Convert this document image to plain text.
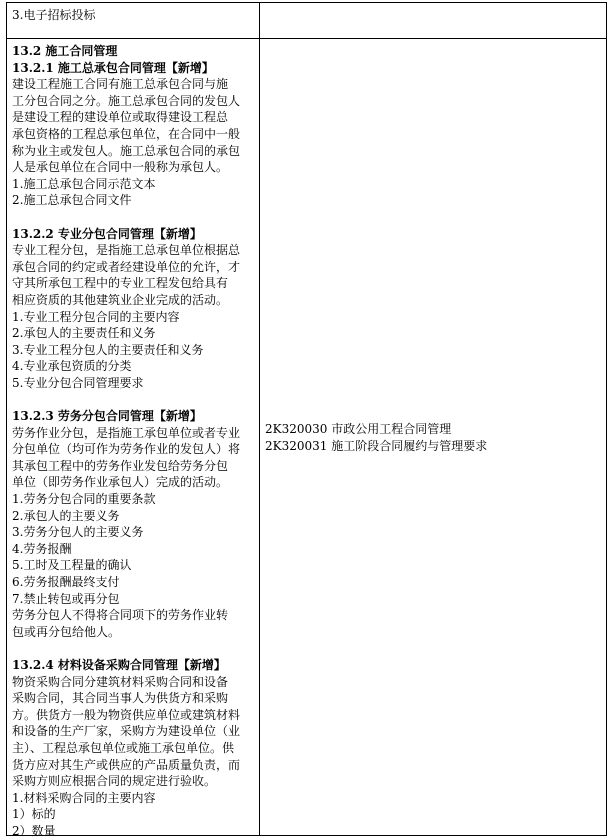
3.电子招标投标
13.2 施工合同管理
13.2.1 施工总承包合同管理【新增】
建设工程施工合同有施工总承包合同与施
工分包合同之分。施工总承包合同的发包人
是建设工程的建设单位或取得建设工程总
承包资格的工程总承包单位，在合同中一般
称为业主或发包人。施工总承包合同的承包
人是承包单位在合同中一般称为承包人。
1.施工总承包合同示范文本
2.施工总承包合同文件
13.2.2 专业分包合同管理【新增】
专业工程分包，是指施工总承包单位根据总
承包合同的约定或者经建设单位的允许，才
守其所承包工程中的专业工程发包给具有
相应资质的其他建筑业企业完成的活动。
1.专业工程分包合同的主要内容
2.承包人的主要责任和义务
3.专业工程分包人的主要责任和义务
4.专业承包资质的分类
5.专业分包合同管理要求
13.2.3 劳务分包合同管理【新增】
劳务作业分包，是指施工承包单位或者专业
分包单位（均可作为劳务作业的发包人）将
其承包工程中的劳务作业发包给劳务分包
单位（即劳务作业承包人）完成的活动。
1.劳务分包合同的重要条款
2.承包人的主要义务
3.劳务分包人的主要义务
4.劳务报酬
5.工时及工程量的确认
6.劳务报酬最终支付
7.禁止转包或再分包
劳务分包人不得将合同项下的劳务作业转
包或再分包给他人。
13.2.4 材料设备采购合同管理【新增】
物资采购合同分建筑材料采购合同和设备
采购合同，其合同当事人为供货方和采购
方。供货方一般为物资供应单位或建筑材料
和设备的生产厂家，采购方为建设单位（业
主）、工程总承包单位或施工承包单位。供
货方应对其生产或供应的产品质量负责，而
采购方则应根据合同的规定进行验收。
1.材料采购合同的主要内容
1）标的
2）数量
2K320030 市政公用工程合同管理
2K320031 施工阶段合同履约与管理要求
